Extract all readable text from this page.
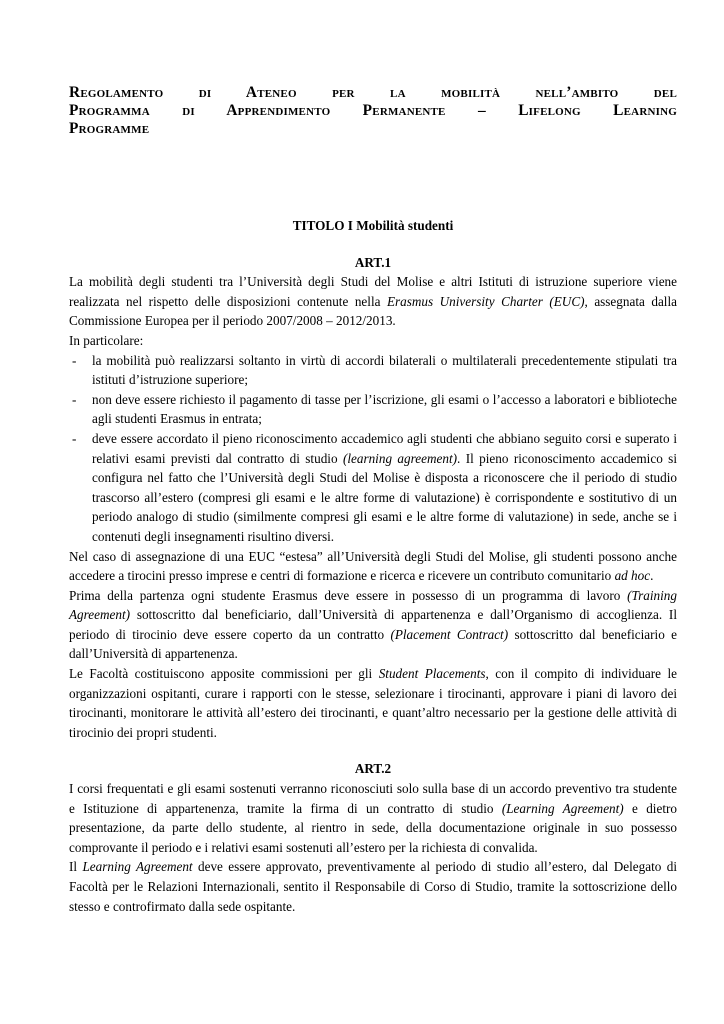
Regolamento di Ateneo per la mobilità nell’ambito del
Programma di Apprendimento Permanente – Lifelong Learning
Programme
TITOLO I Mobilità studenti
ART.1

La mobilità degli studenti tra l’Università degli Studi del Molise e altri Istituti di istruzione superiore viene realizzata nel rispetto delle disposizioni contenute nella Erasmus University Charter (EUC), assegnata dalla Commissione Europea per il periodo 2007/2008 – 2012/2013.

In particolare:

- la mobilità può realizzarsi soltanto in virtù di accordi bilaterali o multilaterali precedentemente stipulati tra istituti d’istruzione superiore;
- non deve essere richiesto il pagamento di tasse per l’iscrizione, gli esami o l’accesso a laboratori e biblioteche agli studenti Erasmus in entrata;
- deve essere accordato il pieno riconoscimento accademico agli studenti che abbiano seguito corsi e superato i relativi esami previsti dal contratto di studio (learning agreement). Il pieno riconoscimento accademico si configura nel fatto che l’Università degli Studi del Molise è disposta a riconoscere che il periodo di studio trascorso all’estero (compresi gli esami e le altre forme di valutazione) è corrispondente e sostitutivo di un periodo analogo di studio (similmente compresi gli esami e le altre forme di valutazione) in sede, anche se i contenuti degli insegnamenti risultino diversi.

Nel caso di assegnazione di una EUC “estesa” all’Università degli Studi del Molise, gli studenti possono anche accedere a tirocini presso imprese e centri di formazione e ricerca e ricevere un contributo comunitario ad hoc.

Prima della partenza ogni studente Erasmus deve essere in possesso di un programma di lavoro (Training Agreement) sottoscritto dal beneficiario, dall’Università di appartenenza e dall’Organismo di accoglienza. Il periodo di tirocinio deve essere coperto da un contratto (Placement Contract) sottoscritto dal beneficiario e dall’Università di appartenenza.

Le Facoltà costituiscono apposite commissioni per gli Student Placements, con il compito di individuare le organizzazioni ospitanti, curare i rapporti con le stesse, selezionare i tirocinanti, approvare i piani di lavoro dei tirocinanti, monitorare le attività all’estero dei tirocinanti, e quant’altro necessario per la gestione delle attività di tirocinio dei propri studenti.

ART.2

I corsi frequentati e gli esami sostenuti verranno riconosciuti solo sulla base di un accordo preventivo tra studente e Istituzione di appartenenza, tramite la firma di un contratto di studio (Learning Agreement) e dietro presentazione, da parte dello studente, al rientro in sede, della documentazione originale in suo possesso comprovante il periodo e i relativi esami sostenuti all’estero per la richiesta di convalida.

Il Learning Agreement deve essere approvato, preventivamente al periodo di studio all’estero, dal Delegato di Facoltà per le Relazioni Internazionali, sentito il Responsabile di Corso di Studio, tramite la sottoscrizione dello stesso e controfirmato dalla sede ospitante.
